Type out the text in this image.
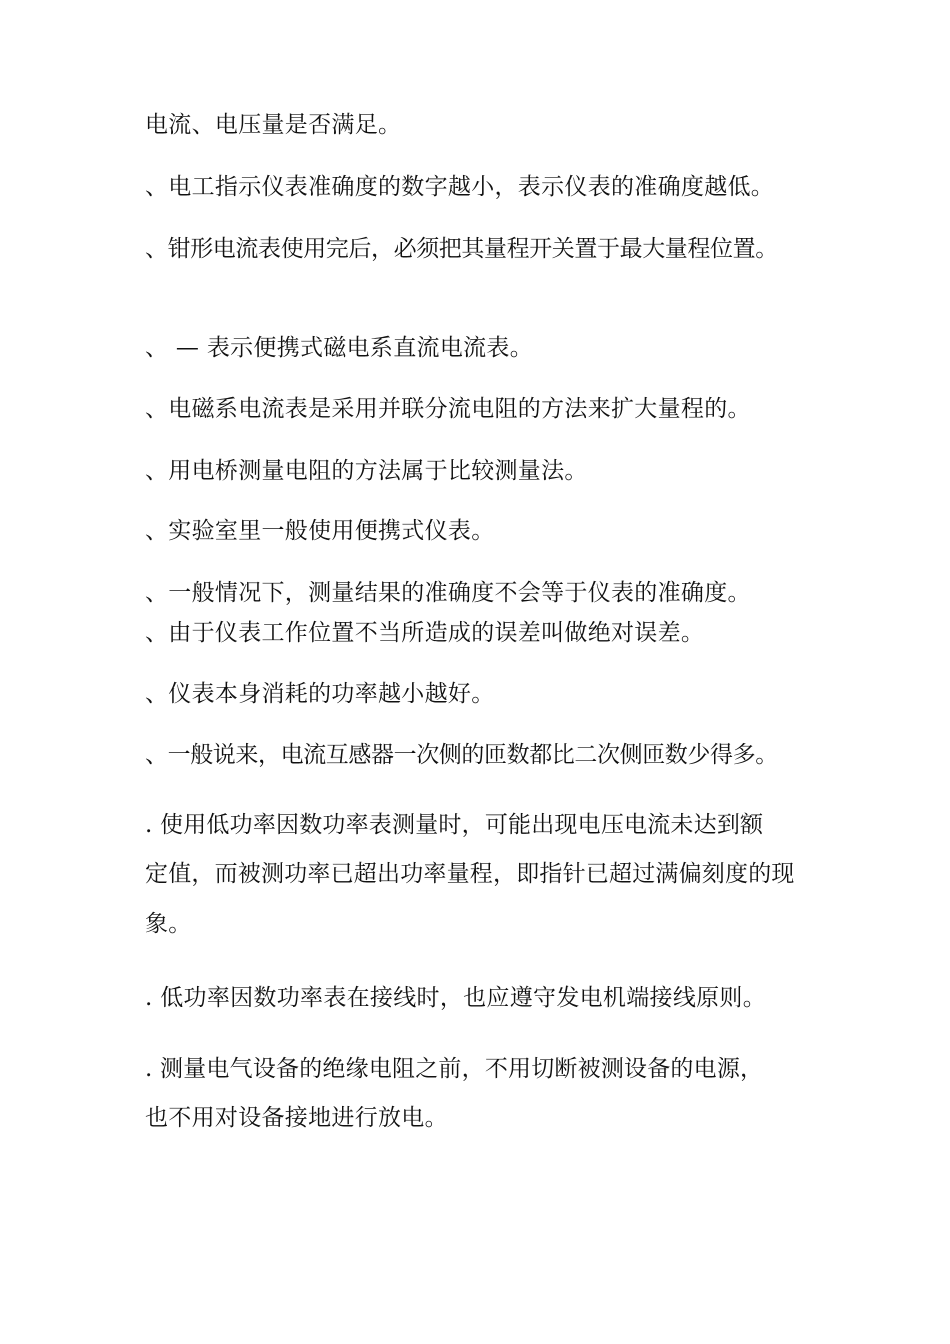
电流、电压量是否满足。
、电工指示仪表准确度的数字越小，表示仪表的准确度越低。
、钳形电流表使用完后，必须把其量程开关置于最大量程位置。
、 — 表示便携式磁电系直流电流表。
、电磁系电流表是采用并联分流电阻的方法来扩大量程的。
、用电桥测量电阻的方法属于比较测量法。
、实验室里一般使用便携式仪表。
、一般情况下，测量结果的准确度不会等于仪表的准确度。
、由于仪表工作位置不当所造成的误差叫做绝对误差。
、仪表本身消耗的功率越小越好。
、一般说来，电流互感器一次侧的匝数都比二次侧匝数少得多。
. 使用低功率因数功率表测量时，可能出现电压电流未达到额
定值，而被测功率已超出功率量程，即指针已超过满偏刻度的现
象。
. 低功率因数功率表在接线时，也应遵守发电机端接线原则。
. 测量电气设备的绝缘电阻之前，不用切断被测设备的电源，
也不用对设备接地进行放电。
